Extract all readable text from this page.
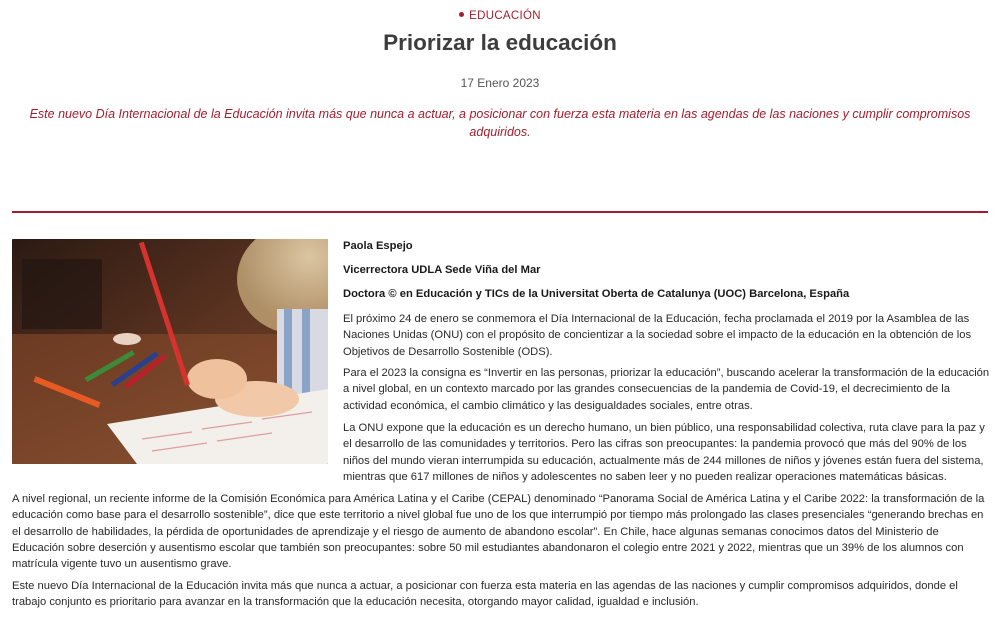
EDUCACIÓN
Priorizar la educación
17 Enero 2023

Este nuevo Día Internacional de la Educación invita más que nunca a actuar, a posicionar con fuerza esta materia en las agendas de las naciones y cumplir compromisos adquiridos.

Paola Espejo
Vicerrectora UDLA Sede Viña del Mar
Doctora © en Educación y TICs de la Universitat Oberta de Catalunya (UOC) Barcelona, España

El próximo 24 de enero se conmemora el Día Internacional de la Educación, fecha proclamada el 2019 por la Asamblea de las Naciones Unidas (ONU) con el propósito de concientizar a la sociedad sobre el impacto de la educación en la obtención de los Objetivos de Desarrollo Sostenible (ODS).

Para el 2023 la consigna es “Invertir en las personas, priorizar la educación”, buscando acelerar la transformación de la educación a nivel global, en un contexto marcado por las grandes consecuencias de la pandemia de Covid-19, el decrecimiento de la actividad económica, el cambio climático y las desigualdades sociales, entre otras.

La ONU expone que la educación es un derecho humano, un bien público, una responsabilidad colectiva, ruta clave para la paz y el desarrollo de las comunidades y territorios. Pero las cifras son preocupantes: la pandemia provocó que más del 90% de los niños del mundo vieran interrumpida su educación, actualmente más de 244 millones de niños y jóvenes están fuera del sistema, mientras que 617 millones de niños y adolescentes no saben leer y no pueden realizar operaciones matemáticas básicas.

A nivel regional, un reciente informe de la Comisión Económica para América Latina y el Caribe (CEPAL) denominado “Panorama Social de América Latina y el Caribe 2022: la transformación de la educación como base para el desarrollo sostenible”, dice que este territorio a nivel global fue uno de los que interrumpió por tiempo más prolongado las clases presenciales “generando brechas en el desarrollo de habilidades, la pérdida de oportunidades de aprendizaje y el riesgo de aumento de abandono escolar”. En Chile, hace algunas semanas conocimos datos del Ministerio de Educación sobre deserción y ausentismo escolar que también son preocupantes: sobre 50 mil estudiantes abandonaron el colegio entre 2021 y 2022, mientras que un 39% de los alumnos con matrícula vigente tuvo un ausentismo grave.

Este nuevo Día Internacional de la Educación invita más que nunca a actuar, a posicionar con fuerza esta materia en las agendas de las naciones y cumplir compromisos adquiridos, donde el trabajo conjunto es prioritario para avanzar en la transformación que la educación necesita, otorgando mayor calidad, igualdad e inclusión.
